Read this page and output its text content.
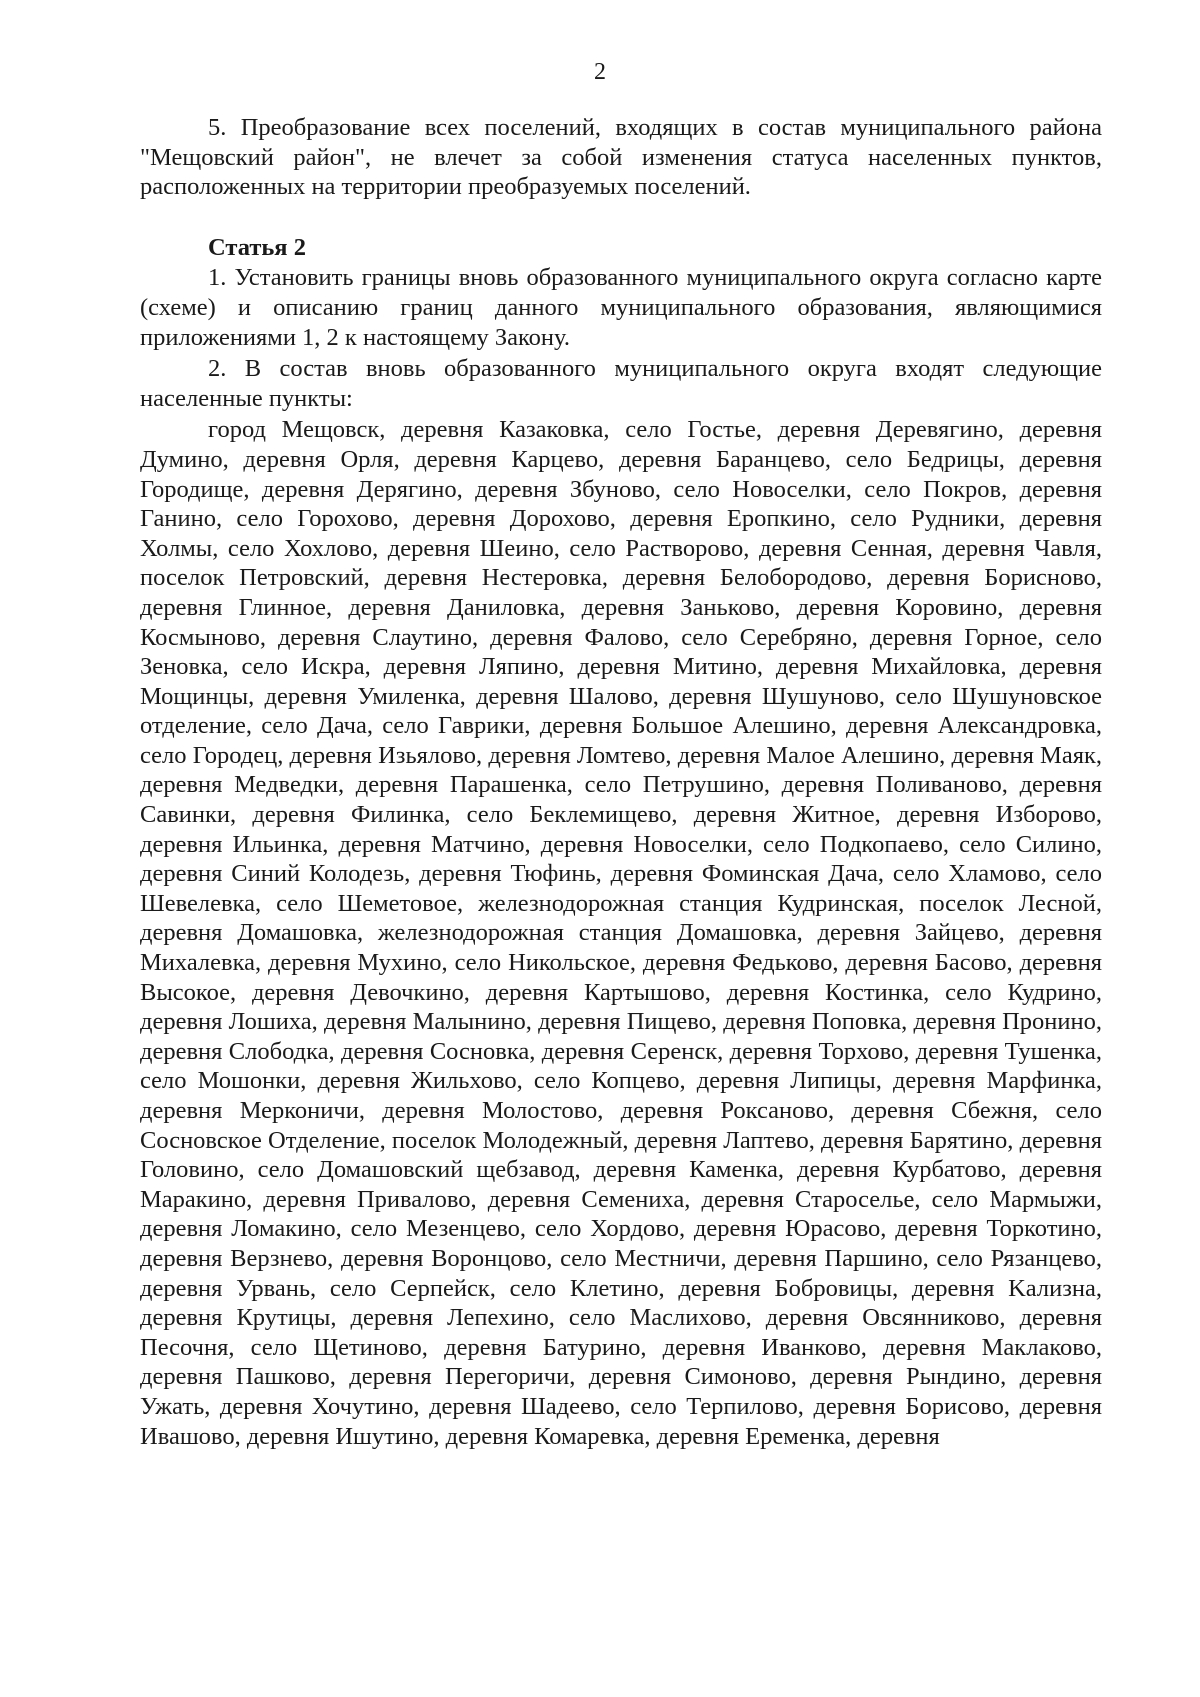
2

5. Преобразование всех поселений, входящих в состав муниципального района "Мещовский район", не влечет за собой изменения статуса населенных пунктов, расположенных на территории преобразуемых поселений.

Статья 2

1. Установить границы вновь образованного муниципального округа согласно карте (схеме) и описанию границ данного муниципального образования, являющимися приложениями 1, 2 к настоящему Закону.

2. В состав вновь образованного муниципального округа входят следующие населенные пункты:

город Мещовск, деревня Казаковка, село Гостье, деревня Деревягино, деревня Думино, деревня Орля, деревня Карцево, деревня Баранцево, село Бедрицы, деревня Городище, деревня Дерягино, деревня Збуново, село Новоселки, село Покров, деревня Ганино, село Горохово, деревня Дорохово, деревня Еропкино, село Рудники, деревня Холмы, село Хохлово, деревня Шеино, село Растворово, деревня Сенная, деревня Чавля, поселок Петровский, деревня Нестеровка, деревня Белобородово, деревня Борисново, деревня Глинное, деревня Даниловка, деревня Заньково, деревня Коровино, деревня Космыново, деревня Слаутино, деревня Фалово, село Серебряно, деревня Горное, село Зеновка, село Искра, деревня Ляпино, деревня Митино, деревня Михайловка, деревня Мощинцы, деревня Умиленка, деревня Шалово, деревня Шушуново, село Шушуновское отделение, село Дача, село Гаврики, деревня Большое Алешино, деревня Александровка, село Городец, деревня Изьялово, деревня Ломтево, деревня Малое Алешино, деревня Маяк, деревня Медведки, деревня Парашенка, село Петрушино, деревня Поливаново, деревня Савинки, деревня Филинка, село Беклемищево, деревня Житное, деревня Изборово, деревня Ильинка, деревня Матчино, деревня Новоселки, село Подкопаево, село Силино, деревня Синий Колодезь, деревня Тюфинь, деревня Фоминская Дача, село Хламово, село Шевелевка, село Шеметовое, железнодорожная станция Кудринская, поселок Лесной, деревня Домашовка, железнодорожная станция Домашовка, деревня Зайцево, деревня Михалевка, деревня Мухино, село Никольское, деревня Федьково, деревня Басово, деревня Высокое, деревня Девочкино, деревня Картышово, деревня Костинка, село Кудрино, деревня Лошиха, деревня Малынино, деревня Пищево, деревня Поповка, деревня Пронино, деревня Слободка, деревня Сосновка, деревня Серенск, деревня Торхово, деревня Тушенка, село Мошонки, деревня Жильхово, село Копцево, деревня Липицы, деревня Марфинка, деревня Мерконичи, деревня Молостово, деревня Роксаново, деревня Сбежня, село Сосновское Отделение, поселок Молодежный, деревня Лаптево, деревня Барятино, деревня Головино, село Домашовский щебзавод, деревня Каменка, деревня Курбатово, деревня Маракино, деревня Привалово, деревня Семениха, деревня Староселье, село Мармыжи, деревня Ломакино, село Мезенцево, село Хордово, деревня Юрасово, деревня Торкотино, деревня Верзнево, деревня Воронцово, село Местничи, деревня Паршино, село Рязанцево, деревня Урвань, село Серпейск, село Клетино, деревня Бобровицы, деревня Kализна, деревня Крутицы, деревня Лепехино, село Маслихово, деревня Овсянниково, деревня Песочня, село Щетиново, деревня Батурино, деревня Иванково, деревня Маклаково, деревня Пашково, деревня Перегоричи, деревня Симоново, деревня Рындино, деревня Ужать, деревня Хочутино, деревня Шадеево, село Терпилово, деревня Борисово, деревня Ивашово, деревня Ишутино, деревня Комаревка, деревня Еременка, деревня
